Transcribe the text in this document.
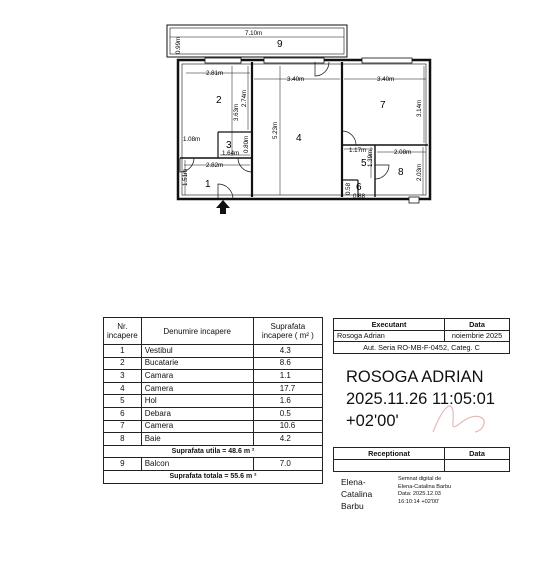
1
2
3
4
5
6
7
8
9
7.10m
0.99m
2.81m
3.63m
2.74m
3.40m
5.23m
3.40m
3.14m
1.08m
1.64m
0.80m
2.82m
1.51m
1.17m 1.39m	2.08m
2.03m
0.58
0.88
Nr. incapere	Denumire incapere	Suprafata incapere ( m² )
1	Vestibul	4.3
2	Bucatarie	8.6
3	Camara	1.1
4	Camera	17.7
5	Hol	1.6
6	Debara	0.5
7	Camera	10.6
8	Baie	4.2
Suprafata utila = 48.6 m ²		
9	Balcon	7.0
Suprafata totala = 55.6 m ²		
Executant	Data
Rosoga Adrian	noiembrie 2025
Aut. Seria RO-MB-F-0452, Categ. C	
ROSOGA ADRIAN
2025.11.26 11:05:01
+02'00'
Receptionat	Data

Elena-
Catalina
Barbu
Semnat digital de
Elena-Catalina Barbu
Data: 2025.12.03
16:10:14 +02'00'
